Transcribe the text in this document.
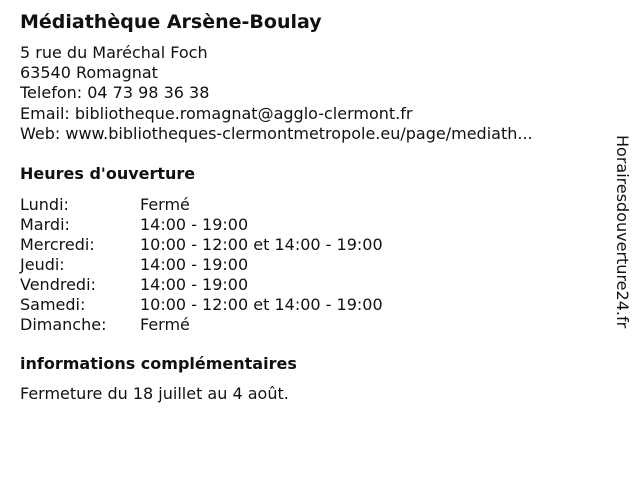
Médiathèque Arsène-Boulay
5 rue du Maréchal Foch
63540 Romagnat
Telefon: 04 73 98 36 38
Email: bibliotheque.romagnat@agglo-clermont.fr
Web: www.bibliotheques-clermontmetropole.eu/page/mediath...
Heures d'ouverture
Lundi:	Fermé
Mardi:	14:00 - 19:00
Mercredi:	10:00 - 12:00 et 14:00 - 19:00
Jeudi:	14:00 - 19:00
Vendredi:	14:00 - 19:00
Samedi:	10:00 - 12:00 et 14:00 - 19:00
Dimanche:	Fermé
informations complémentaires
Fermeture du 18 juillet au 4 août.
Horairesdouverture24.fr
